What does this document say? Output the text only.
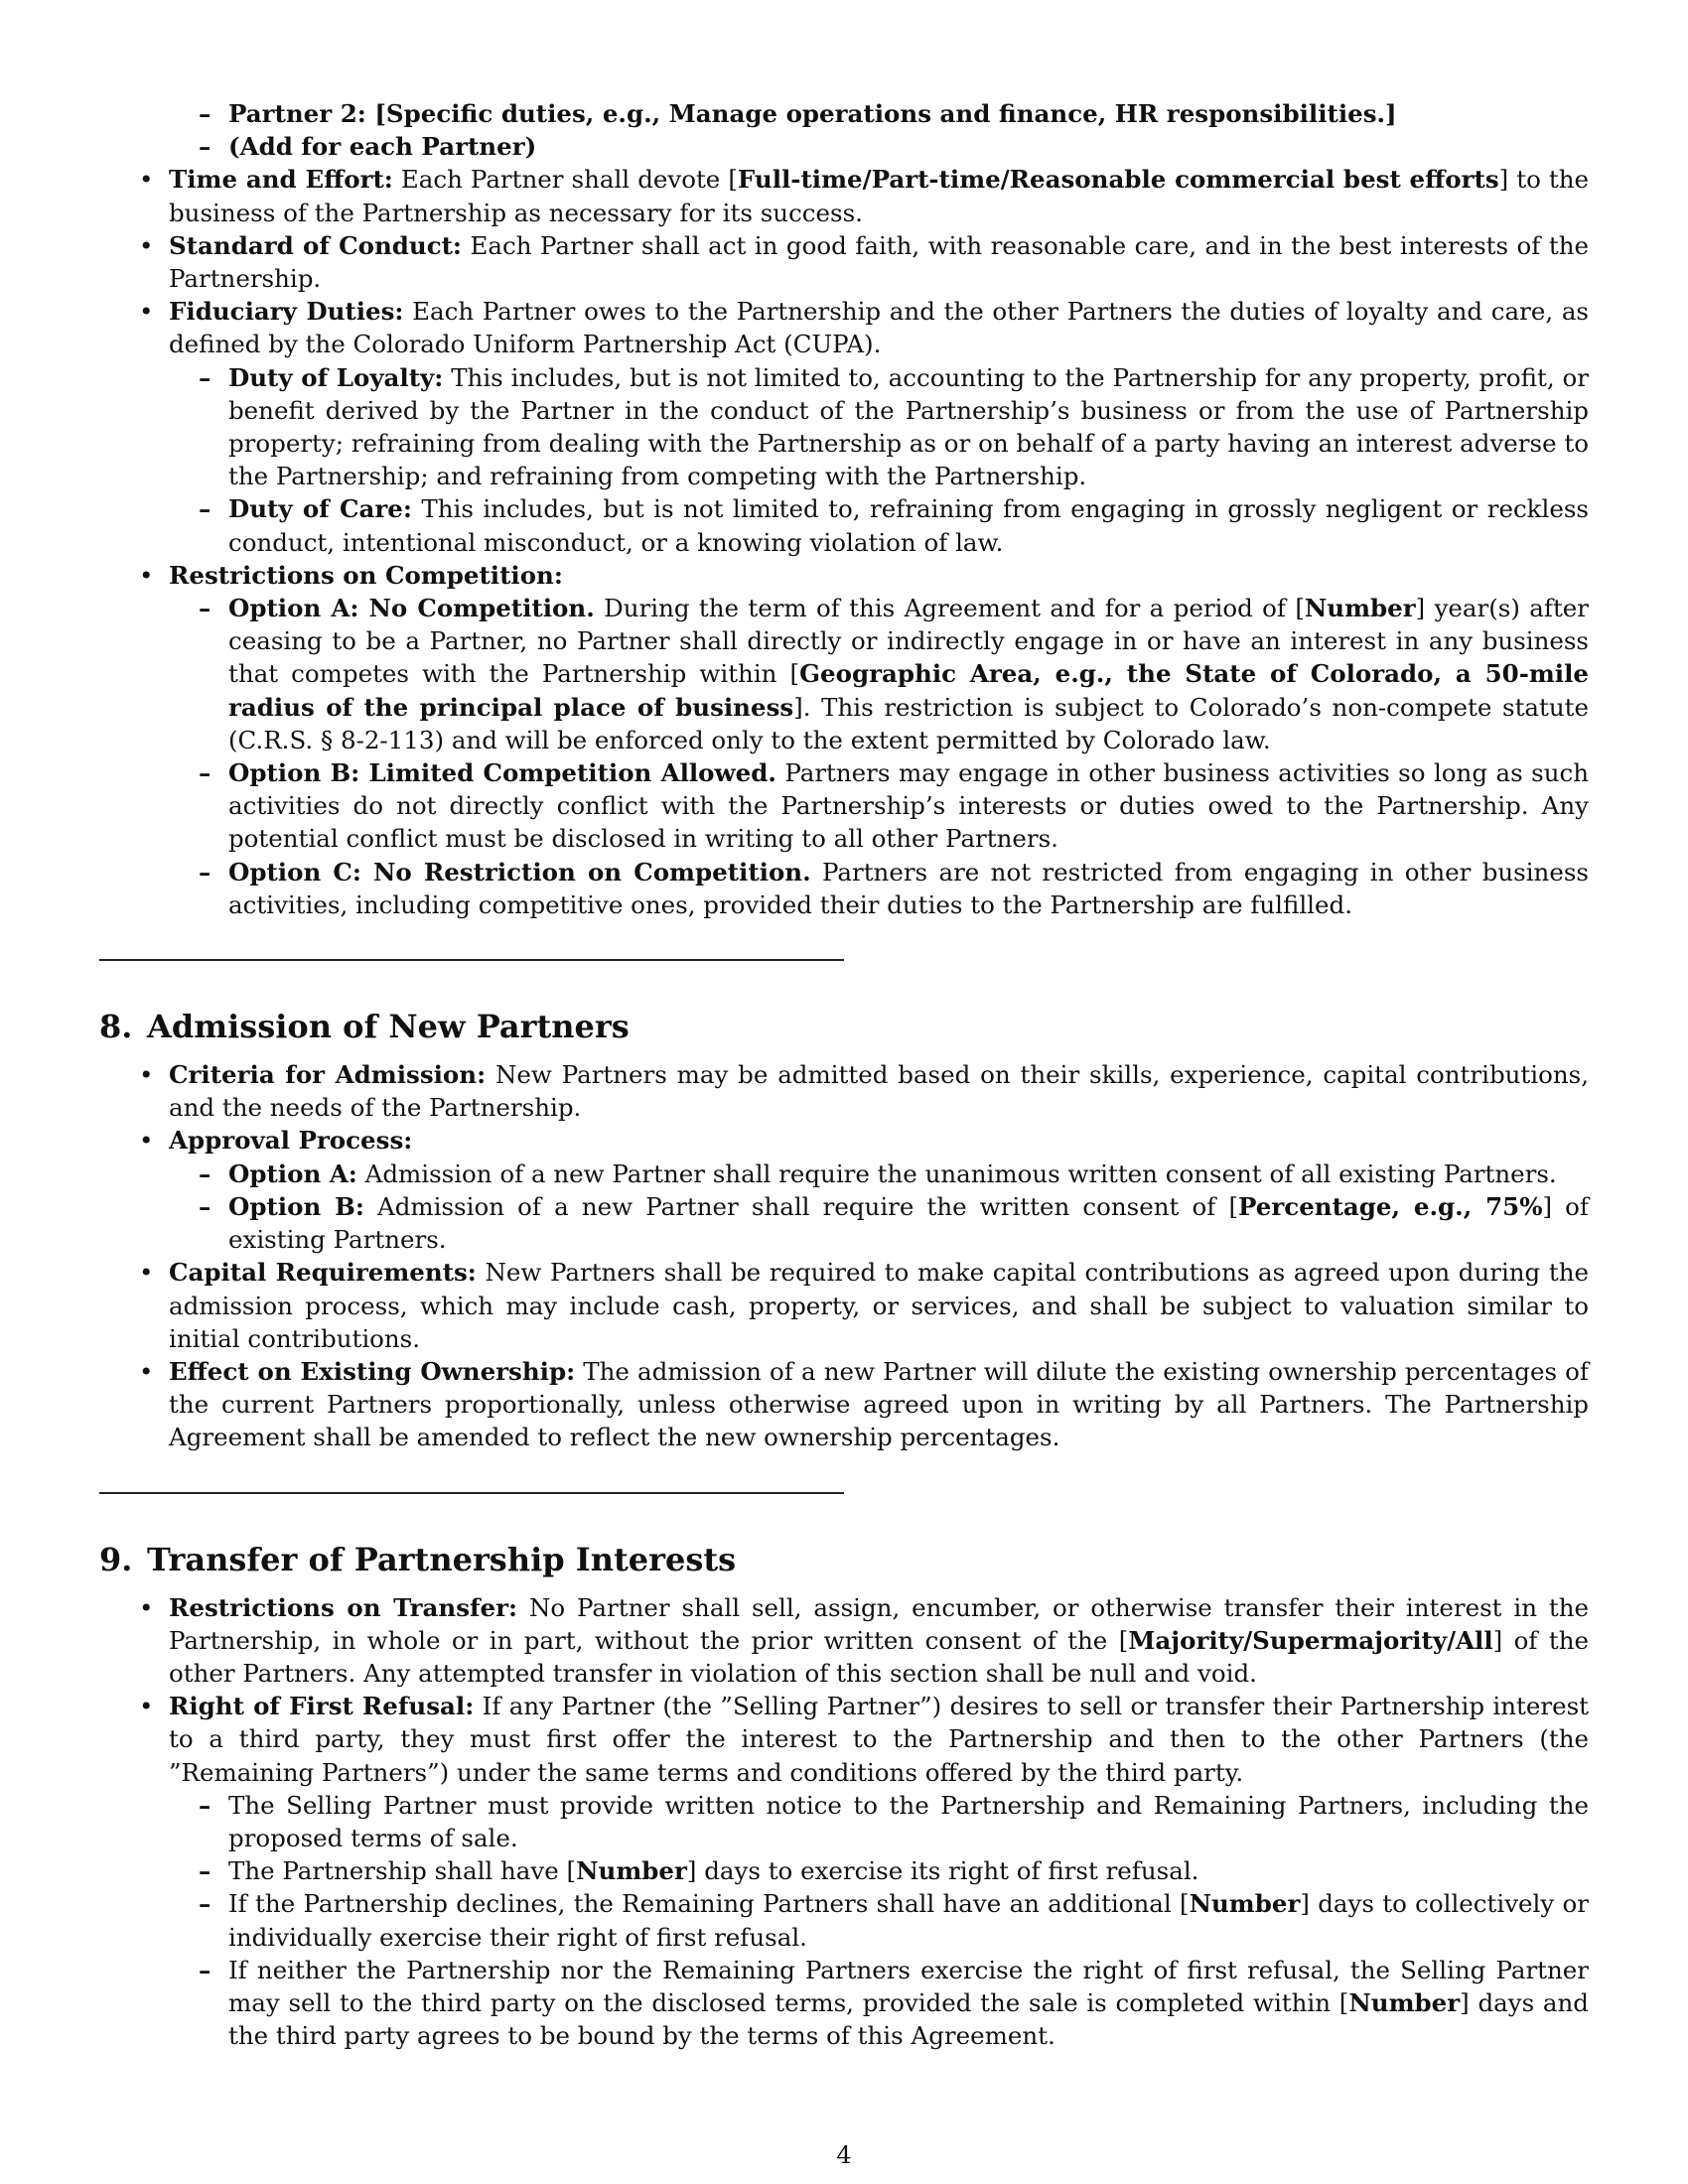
– Partner 2: [Specific duties, e.g., Manage operations and finance, HR responsibilities.]
– (Add for each Partner)
• Time and Effort: Each Partner shall devote [Full-time/Part-time/Reasonable commercial best efforts] to the business of the Partnership as necessary for its success.
• Standard of Conduct: Each Partner shall act in good faith, with reasonable care, and in the best interests of the Partnership.
• Fiduciary Duties: Each Partner owes to the Partnership and the other Partners the duties of loyalty and care, as defined by the Colorado Uniform Partnership Act (CUPA).
– Duty of Loyalty: This includes, but is not limited to, accounting to the Partnership for any property, profit, or benefit derived by the Partner in the conduct of the Partnership’s business or from the use of Partnership property; refraining from dealing with the Partnership as or on behalf of a party having an interest adverse to the Partnership; and refraining from competing with the Partnership.
– Duty of Care: This includes, but is not limited to, refraining from engaging in grossly negligent or reckless conduct, intentional misconduct, or a knowing violation of law.
• Restrictions on Competition:
– Option A: No Competition. During the term of this Agreement and for a period of [Number] year(s) after ceasing to be a Partner, no Partner shall directly or indirectly engage in or have an interest in any business that competes with the Partnership within [Geographic Area, e.g., the State of Colorado, a 50-mile radius of the principal place of business]. This restriction is subject to Colorado’s non-compete statute (C.R.S. § 8-2-113) and will be enforced only to the extent permitted by Colorado law.
– Option B: Limited Competition Allowed. Partners may engage in other business activities so long as such activities do not directly conflict with the Partnership’s interests or duties owed to the Partnership. Any potential conflict must be disclosed in writing to all other Partners.
– Option C: No Restriction on Competition. Partners are not restricted from engaging in other business activities, including competitive ones, provided their duties to the Partnership are fulfilled.
8. Admission of New Partners
• Criteria for Admission: New Partners may be admitted based on their skills, experience, capital contributions, and the needs of the Partnership.
• Approval Process:
– Option A: Admission of a new Partner shall require the unanimous written consent of all existing Partners.
– Option B: Admission of a new Partner shall require the written consent of [Percentage, e.g., 75%] of existing Partners.
• Capital Requirements: New Partners shall be required to make capital contributions as agreed upon during the admission process, which may include cash, property, or services, and shall be subject to valuation similar to initial contributions.
• Effect on Existing Ownership: The admission of a new Partner will dilute the existing ownership percentages of the current Partners proportionally, unless otherwise agreed upon in writing by all Partners. The Partnership Agreement shall be amended to reflect the new ownership percentages.
9. Transfer of Partnership Interests
• Restrictions on Transfer: No Partner shall sell, assign, encumber, or otherwise transfer their interest in the Partnership, in whole or in part, without the prior written consent of the [Majority/Supermajority/All] of the other Partners. Any attempted transfer in violation of this section shall be null and void.
• Right of First Refusal: If any Partner (the ”Selling Partner”) desires to sell or transfer their Partnership interest to a third party, they must first offer the interest to the Partnership and then to the other Partners (the ”Remaining Partners”) under the same terms and conditions offered by the third party.
– The Selling Partner must provide written notice to the Partnership and Remaining Partners, including the proposed terms of sale.
– The Partnership shall have [Number] days to exercise its right of first refusal.
– If the Partnership declines, the Remaining Partners shall have an additional [Number] days to collectively or individually exercise their right of first refusal.
– If neither the Partnership nor the Remaining Partners exercise the right of first refusal, the Selling Partner may sell to the third party on the disclosed terms, provided the sale is completed within [Number] days and the third party agrees to be bound by the terms of this Agreement.
4
